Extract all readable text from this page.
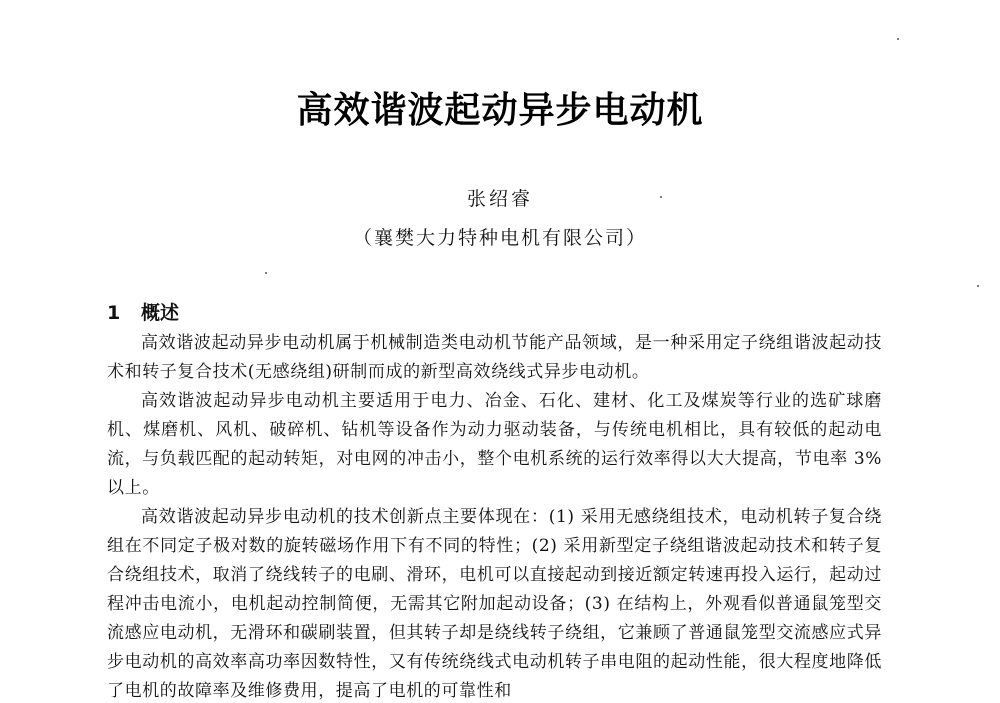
高效谐波起动异步电动机
张绍睿
（襄樊大力特种电机有限公司）
1 概述

高效谐波起动异步电动机属于机械制造类电动机节能产品领域，是一种采用定子绕组谐波起动技术和转子复合技术(无感绕组)研制而成的新型高效绕线式异步电动机。

高效谐波起动异步电动机主要适用于电力、冶金、石化、建材、化工及煤炭等行业的选矿球磨机、煤磨机、风机、破碎机、钻机等设备作为动力驱动装备，与传统电机相比，具有较低的起动电流，与负载匹配的起动转矩，对电网的冲击小，整个电机系统的运行效率得以大大提高，节电率 3%以上。

高效谐波起动异步电动机的技术创新点主要体现在：(1) 采用无感绕组技术，电动机转子复合绕组在不同定子极对数的旋转磁场作用下有不同的特性；(2) 采用新型定子绕组谐波起动技术和转子复合绕组技术，取消了绕线转子的电刷、滑环，电机可以直接起动到接近额定转速再投入运行，起动过程冲击电流小，电机起动控制简便，无需其它附加起动设备；(3) 在结构上，外观看似普通鼠笼型交流感应电动机，无滑环和碳刷装置，但其转子却是绕线转子绕组，它兼顾了普通鼠笼型交流感应式异步电动机的高效率高功率因数特性，又有传统绕线式电动机转子串电阻的起动性能，很大程度地降低了电机的故障率及维修费用，提高了电机的可靠性和
